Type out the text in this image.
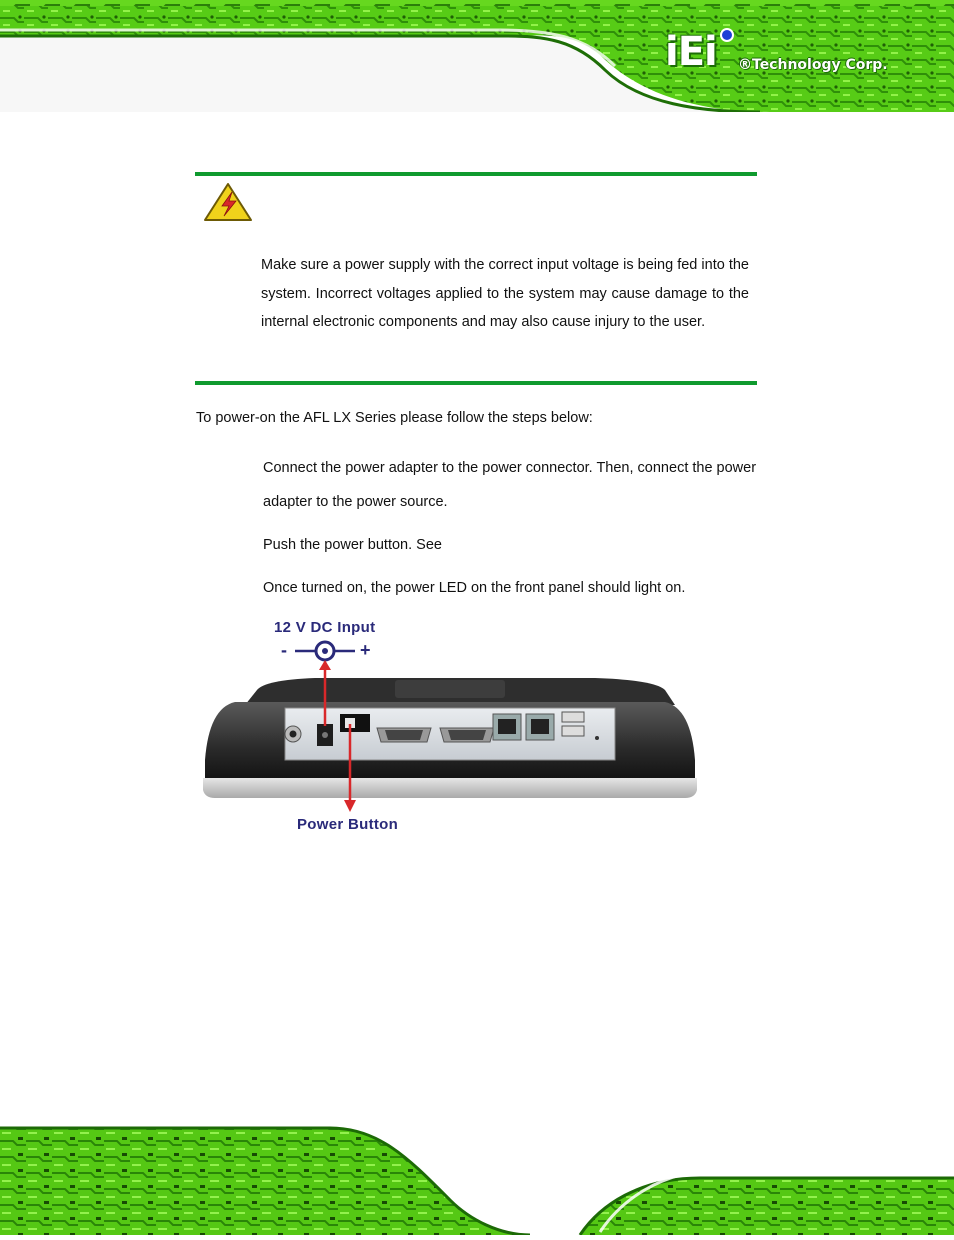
iEi ®Technology Corp.
Make sure a power supply with the correct input voltage is being fed into the system. Incorrect voltages applied to the system may cause damage to the internal electronic components and may also cause injury to the user.
To power-on the AFL LX Series please follow the steps below:
Connect the power adapter to the power connector. Then, connect the power
adapter to the power source.
Push the power button. See
Once turned on, the power LED on the front panel should light on.
12 V DC Input
-	+
Power Button
